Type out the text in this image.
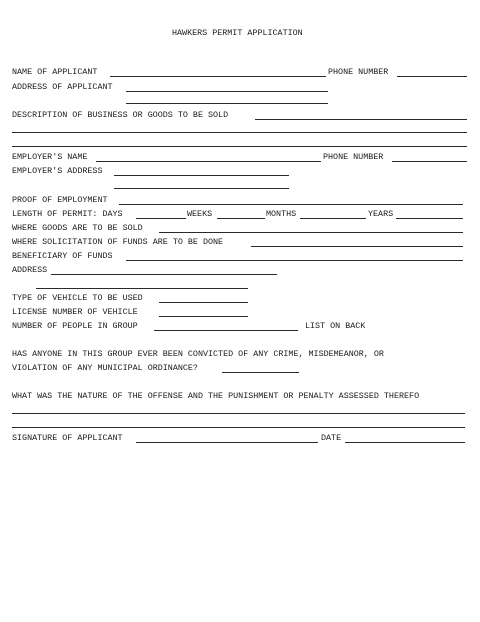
HAWKERS PERMIT APPLICATION
NAME OF APPLICANT	PHONE NUMBER
ADDRESS OF APPLICANT
DESCRIPTION OF BUSINESS OR GOODS TO BE SOLD
EMPLOYER'S NAME	PHONE NUMBER
EMPLOYER'S ADDRESS
PROOF OF EMPLOYMENT
LENGTH OF PERMIT: DAYS	WEEKS	MONTHS	YEARS
WHERE GOODS ARE TO BE SOLD
WHERE SOLICITATION OF FUNDS ARE TO BE DONE
BENEFICIARY OF FUNDS
ADDRESS
TYPE OF VEHICLE TO BE USED
LICENSE NUMBER OF VEHICLE
NUMBER OF PEOPLE IN GROUP	LIST ON BACK
HAS ANYONE IN THIS GROUP EVER BEEN CONVICTED OF ANY CRIME, MISDEMEANOR, OR
VIOLATION OF ANY MUNICIPAL ORDINANCE?
WHAT WAS THE NATURE OF THE OFFENSE AND THE PUNISHMENT OR PENALTY ASSESSED THEREFO
SIGNATURE OF APPLICANT	DATE
